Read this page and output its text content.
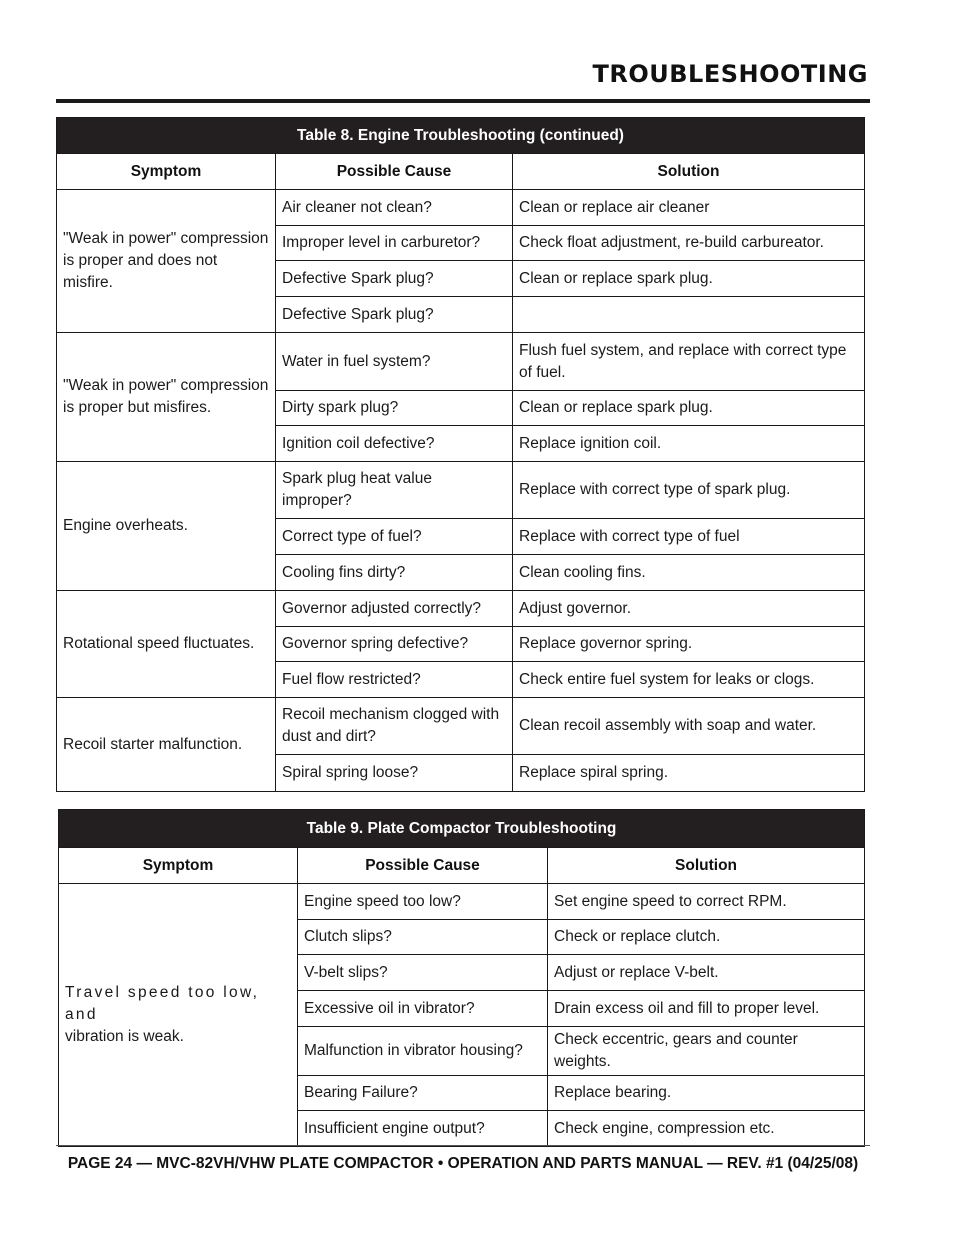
TROUBLESHOOTING
Table 8. Engine Troubleshooting (continued)		
Symptom	Possible Cause	Solution
"Weak in power" compression is proper and does not misfire.	Air cleaner not clean?	Clean or replace air cleaner
	Improper level in carburetor?	Check float adjustment, re-build carbureator.
	Defective Spark plug?	Clean or replace spark plug.
	Defective Spark plug?	
"Weak in power" compression is proper but misfires.	Water in fuel system?	Flush fuel system, and replace with correct type of fuel.
	Dirty spark plug?	Clean or replace spark plug.
	Ignition coil defective?	Replace ignition coil.
Engine overheats.	Spark plug heat value improper?	Replace with correct type of spark plug.
	Correct type of fuel?	Replace with correct type of fuel
	Cooling fins dirty?	Clean cooling fins.
Rotational speed fluctuates.	Governor adjusted correctly?	Adjust governor.
	Governor spring defective?	Replace governor spring.
	Fuel flow restricted?	Check entire fuel system for leaks or clogs.
Recoil starter malfunction.	Recoil mechanism clogged with dust and dirt?	Clean recoil assembly with soap and water.
	Spiral spring loose?	Replace spiral spring.
Table 9. Plate Compactor Troubleshooting		
Symptom	Possible Cause	Solution
Travel speed too low, and
vibration is weak.	Engine speed too low?	Set engine speed to correct RPM.
	Clutch slips?	Check or replace clutch.
	V-belt slips?	Adjust or replace V-belt.
	Excessive oil in vibrator?	Drain excess oil and fill to proper level.
	Malfunction in vibrator housing?	Check eccentric, gears and counter weights.
	Bearing Failure?	Replace bearing.
	Insufficient engine output?	Check engine, compression etc.

PAGE 24 — MVC-82VH/VHW PLATE COMPACTOR • OPERATION AND PARTS MANUAL — REV. #1 (04/25/08)
